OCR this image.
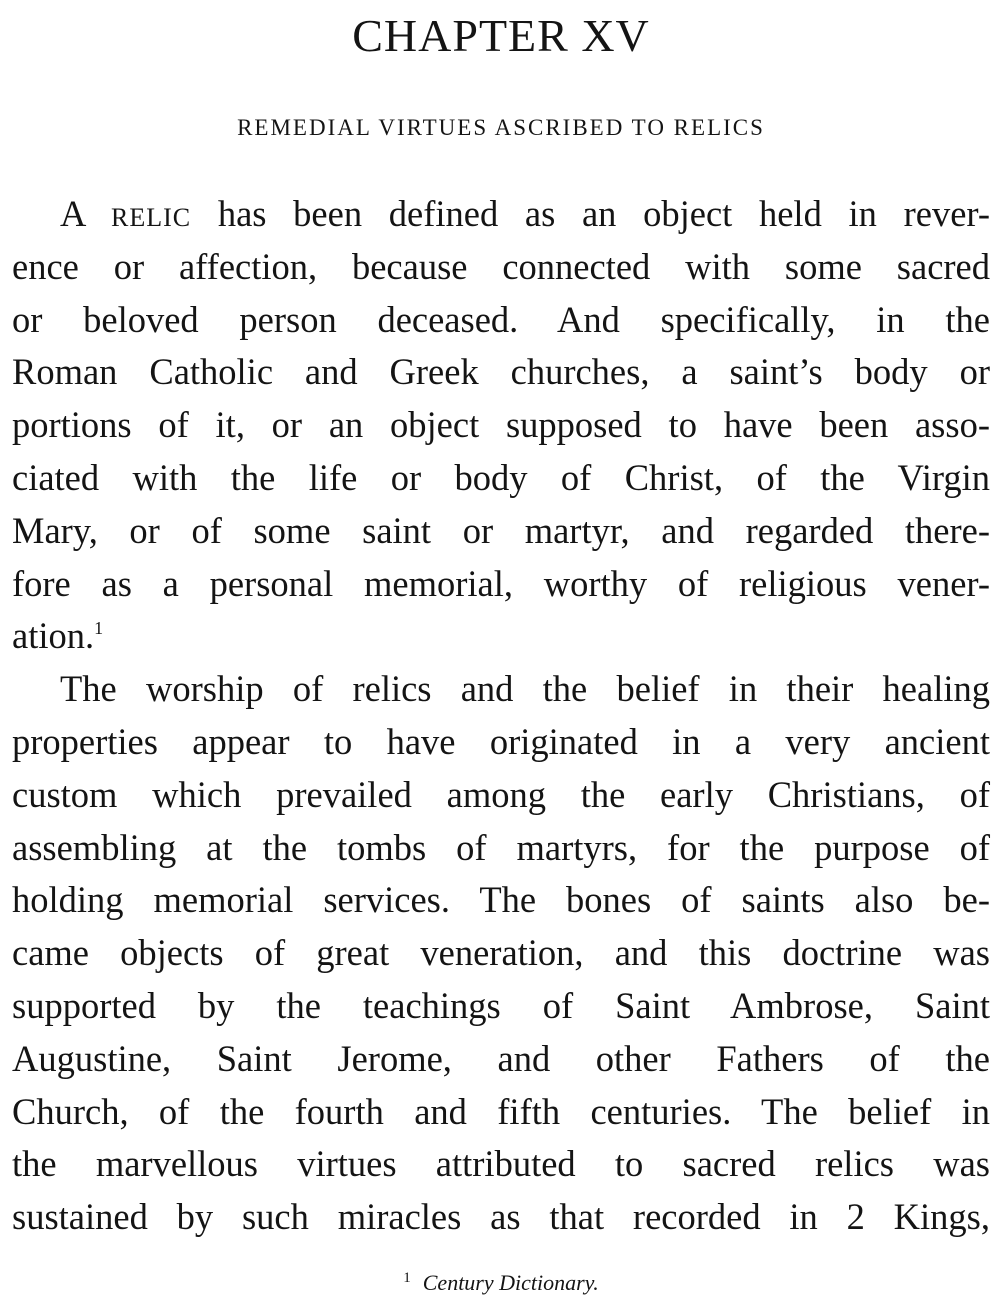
CHAPTER XV
REMEDIAL VIRTUES ASCRIBED TO RELICS
A relic has been defined as an object held in rever-
ence or affection, because connected with some sacred
or beloved person deceased. And specifically, in the
Roman Catholic and Greek churches, a saint’s body or
portions of it, or an object supposed to have been asso-
ciated with the life or body of Christ, of the Virgin
Mary, or of some saint or martyr, and regarded there-
fore as a personal memorial, worthy of religious vener-
ation.$^1$
The worship of relics and the belief in their healing
properties appear to have originated in a very ancient
custom which prevailed among the early Christians, of
assembling at the tombs of martyrs, for the purpose of
holding memorial services. The bones of saints also be-
came objects of great veneration, and this doctrine was
supported by the teachings of Saint Ambrose, Saint
Augustine, Saint Jerome, and other Fathers of the
Church, of the fourth and fifth centuries. The belief in
the marvellous virtues attributed to sacred relics was
sustained by such miracles as that recorded in 2 Kings,
$^1$ Century Dictionary.
